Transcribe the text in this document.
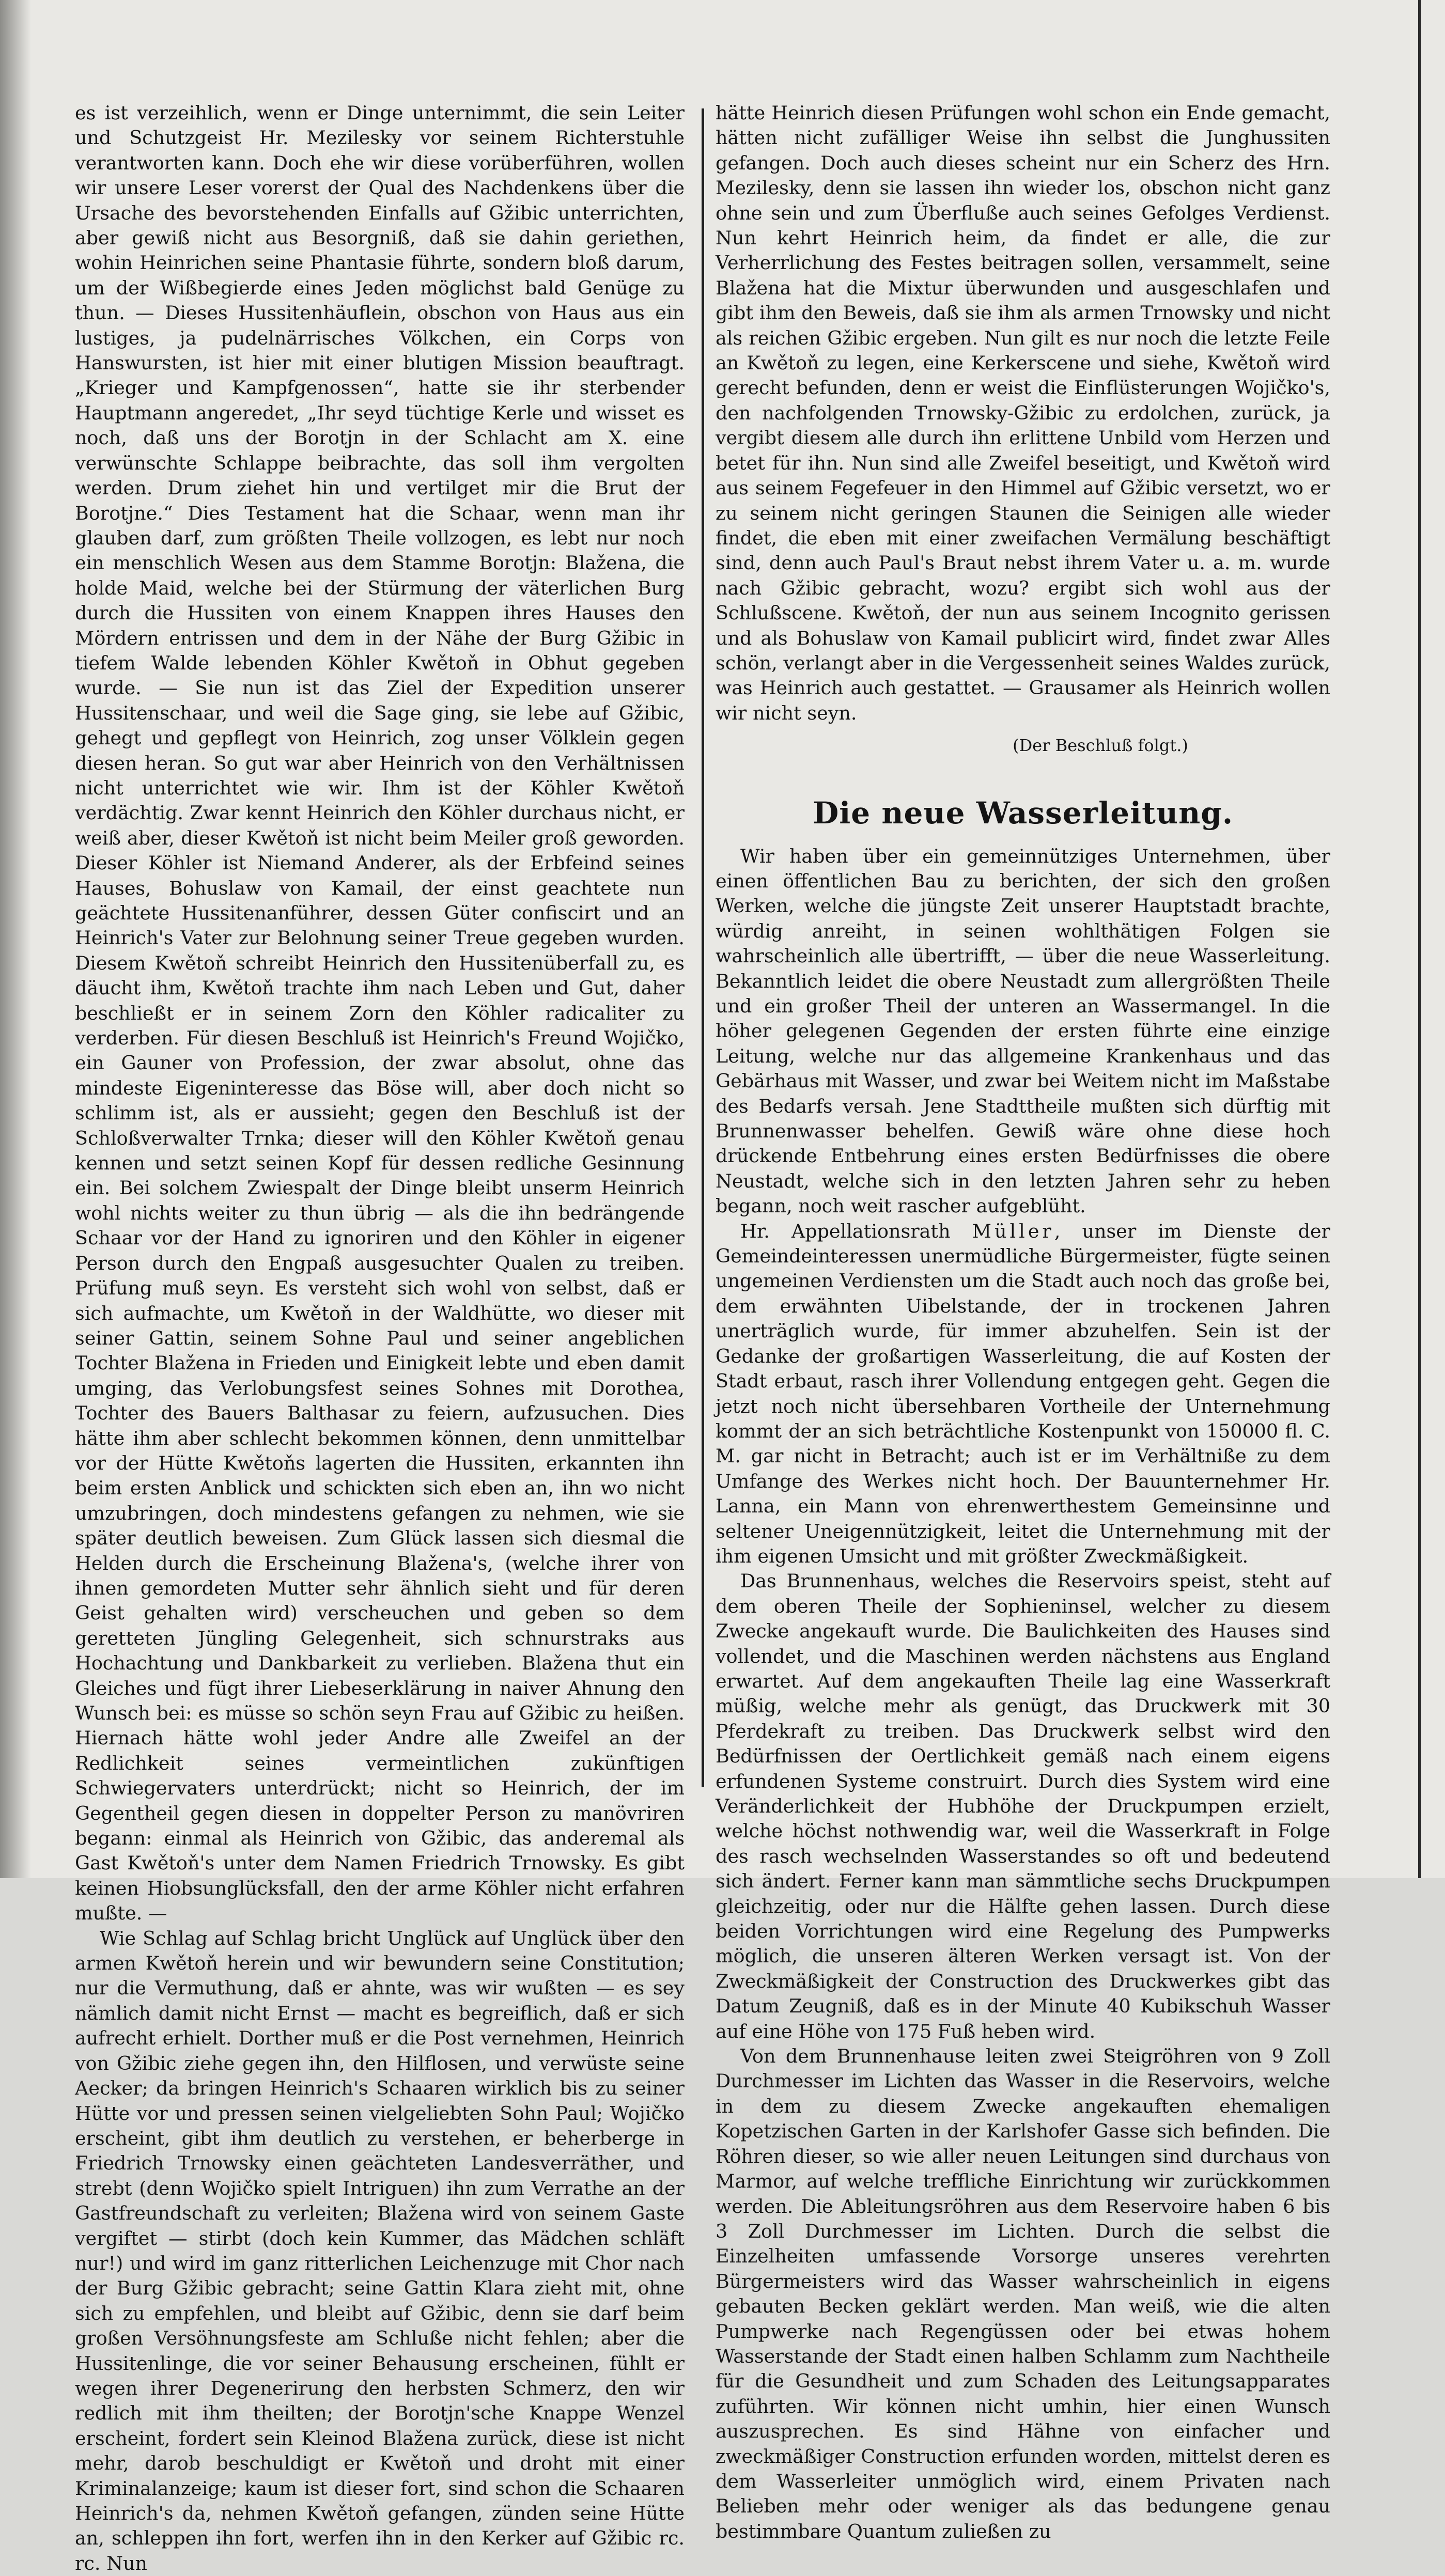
es ist verzeihlich, wenn er Dinge unternimmt, die sein Leiter und Schutzgeist Hr. Mezilesky vor seinem Richterstuhle verantworten kann. Doch ehe wir diese vorüberführen, wollen wir unsere Leser vorerst der Qual des Nachdenkens über die Ursache des bevorstehenden Einfalls auf Gžibic unterrichten, aber gewiß nicht aus Besorgniß, daß sie dahin geriethen, wohin Heinrichen seine Phantasie führte, sondern bloß darum, um der Wißbegierde eines Jeden möglichst bald Genüge zu thun. — Dieses Hussitenhäuflein, obschon von Haus aus ein lustiges, ja pudelnärrisches Völkchen, ein Corps von Hanswursten, ist hier mit einer blutigen Mission beauftragt. „Krieger und Kampfgenossen“, hatte sie ihr sterbender Hauptmann angeredet, „Ihr seyd tüchtige Kerle und wisset es noch, daß uns der Borotjn in der Schlacht am X. eine verwünschte Schlappe beibrachte, das soll ihm vergolten werden. Drum ziehet hin und vertilget mir die Brut der Borotjne.“ Dies Testament hat die Schaar, wenn man ihr glauben darf, zum größten Theile vollzogen, es lebt nur noch ein menschlich Wesen aus dem Stamme Borotjn: Blažena, die holde Maid, welche bei der Stürmung der väterlichen Burg durch die Hussiten von einem Knappen ihres Hauses den Mördern entrissen und dem in der Nähe der Burg Gžibic in tiefem Walde lebenden Köhler Kwětoň in Obhut gegeben wurde. — Sie nun ist das Ziel der Expedition unserer Hussitenschaar, und weil die Sage ging, sie lebe auf Gžibic, gehegt und gepflegt von Heinrich, zog unser Völklein gegen diesen heran. So gut war aber Heinrich von den Verhältnissen nicht unterrichtet wie wir. Ihm ist der Köhler Kwětoň verdächtig. Zwar kennt Heinrich den Köhler durchaus nicht, er weiß aber, dieser Kwětoň ist nicht beim Meiler groß geworden. Dieser Köhler ist Niemand Anderer, als der Erbfeind seines Hauses, Bohuslaw von Kamail, der einst geachtete nun geächtete Hussitenanführer, dessen Güter confiscirt und an Heinrich's Vater zur Belohnung seiner Treue gegeben wurden. Diesem Kwětoň schreibt Heinrich den Hussitenüberfall zu, es däucht ihm, Kwětoň trachte ihm nach Leben und Gut, daher beschließt er in seinem Zorn den Köhler radicaliter zu verderben. Für diesen Beschluß ist Heinrich's Freund Wojičko, ein Gauner von Profession, der zwar absolut, ohne das mindeste Eigeninteresse das Böse will, aber doch nicht so schlimm ist, als er aussieht; gegen den Beschluß ist der Schloßverwalter Trnka; dieser will den Köhler Kwětoň genau kennen und setzt seinen Kopf für dessen redliche Gesinnung ein. Bei solchem Zwiespalt der Dinge bleibt unserm Heinrich wohl nichts weiter zu thun übrig — als die ihn bedrängende Schaar vor der Hand zu ignoriren und den Köhler in eigener Person durch den Engpaß ausgesuchter Qualen zu treiben. Prüfung muß seyn. Es versteht sich wohl von selbst, daß er sich aufmachte, um Kwětoň in der Waldhütte, wo dieser mit seiner Gattin, seinem Sohne Paul und seiner angeblichen Tochter Blažena in Frieden und Einigkeit lebte und eben damit umging, das Verlobungsfest seines Sohnes mit Dorothea, Tochter des Bauers Balthasar zu feiern, aufzusuchen. Dies hätte ihm aber schlecht bekommen können, denn unmittelbar vor der Hütte Kwětoňs lagerten die Hussiten, erkannten ihn beim ersten Anblick und schickten sich eben an, ihn wo nicht umzubringen, doch mindestens gefangen zu nehmen, wie sie später deutlich beweisen. Zum Glück lassen sich diesmal die Helden durch die Erscheinung Blažena's, (welche ihrer von ihnen gemordeten Mutter sehr ähnlich sieht und für deren Geist gehalten wird) verscheuchen und geben so dem geretteten Jüngling Gelegenheit, sich schnurstraks aus Hochachtung und Dankbarkeit zu verlieben. Blažena thut ein Gleiches und fügt ihrer Liebeserklärung in naiver Ahnung den Wunsch bei: es müsse so schön seyn Frau auf Gžibic zu heißen. Hiernach hätte wohl jeder Andre alle Zweifel an der Redlichkeit seines vermeintlichen zukünftigen Schwiegervaters unterdrückt; nicht so Heinrich, der im Gegentheil gegen diesen in doppelter Person zu manövriren begann: einmal als Heinrich von Gžibic, das anderemal als Gast Kwětoň's unter dem Namen Friedrich Trnowsky. Es gibt keinen Hiobsunglücksfall, den der arme Köhler nicht erfahren mußte. —

Wie Schlag auf Schlag bricht Unglück auf Unglück über den armen Kwětoň herein und wir bewundern seine Constitution; nur die Vermuthung, daß er ahnte, was wir wußten — es sey nämlich damit nicht Ernst — macht es begreiflich, daß er sich aufrecht erhielt. Dorther muß er die Post vernehmen, Heinrich von Gžibic ziehe gegen ihn, den Hilflosen, und verwüste seine Aecker; da bringen Heinrich's Schaaren wirklich bis zu seiner Hütte vor und pressen seinen vielgeliebten Sohn Paul; Wojičko erscheint, gibt ihm deutlich zu verstehen, er beherberge in Friedrich Trnowsky einen geächteten Landesverräther, und strebt (denn Wojičko spielt Intriguen) ihn zum Verrathe an der Gastfreundschaft zu verleiten; Blažena wird von seinem Gaste vergiftet — stirbt (doch kein Kummer, das Mädchen schläft nur!) und wird im ganz ritterlichen Leichenzuge mit Chor nach der Burg Gžibic gebracht; seine Gattin Klara zieht mit, ohne sich zu empfehlen, und bleibt auf Gžibic, denn sie darf beim großen Versöhnungsfeste am Schluße nicht fehlen; aber die Hussitenlinge, die vor seiner Behausung erscheinen, fühlt er wegen ihrer Degenerirung den herbsten Schmerz, den wir redlich mit ihm theilten; der Borotjn'sche Knappe Wenzel erscheint, fordert sein Kleinod Blažena zurück, diese ist nicht mehr, darob beschuldigt er Kwětoň und droht mit einer Kriminalanzeige; kaum ist dieser fort, sind schon die Schaaren Heinrich's da, nehmen Kwětoň gefangen, zünden seine Hütte an, schleppen ihn fort, werfen ihn in den Kerker auf Gžibic rc. rc. Nun

hätte Heinrich diesen Prüfungen wohl schon ein Ende gemacht, hätten nicht zufälliger Weise ihn selbst die Junghussiten gefangen. Doch auch dieses scheint nur ein Scherz des Hrn. Mezilesky, denn sie lassen ihn wieder los, obschon nicht ganz ohne sein und zum Überfluße auch seines Gefolges Verdienst. Nun kehrt Heinrich heim, da findet er alle, die zur Verherrlichung des Festes beitragen sollen, versammelt, seine Blažena hat die Mixtur überwunden und ausgeschlafen und gibt ihm den Beweis, daß sie ihm als armen Trnowsky und nicht als reichen Gžibic ergeben. Nun gilt es nur noch die letzte Feile an Kwětoň zu legen, eine Kerkerscene und siehe, Kwětoň wird gerecht befunden, denn er weist die Einflüsterungen Wojičko's, den nachfolgenden Trnowsky-Gžibic zu erdolchen, zurück, ja vergibt diesem alle durch ihn erlittene Unbild vom Herzen und betet für ihn. Nun sind alle Zweifel beseitigt, und Kwětoň wird aus seinem Fegefeuer in den Himmel auf Gžibic versetzt, wo er zu seinem nicht geringen Staunen die Seinigen alle wieder findet, die eben mit einer zweifachen Vermälung beschäftigt sind, denn auch Paul's Braut nebst ihrem Vater u. a. m. wurde nach Gžibic gebracht, wozu? ergibt sich wohl aus der Schlußscene. Kwětoň, der nun aus seinem Incognito gerissen und als Bohuslaw von Kamail publicirt wird, findet zwar Alles schön, verlangt aber in die Vergessenheit seines Waldes zurück, was Heinrich auch gestattet. — Grausamer als Heinrich wollen wir nicht seyn.

(Der Beschluß folgt.)

Die neue Wasserleitung.

Wir haben über ein gemeinnütziges Unternehmen, über einen öffentlichen Bau zu berichten, der sich den großen Werken, welche die jüngste Zeit unserer Hauptstadt brachte, würdig anreiht, in seinen wohlthätigen Folgen sie wahrscheinlich alle übertrifft, — über die neue Wasserleitung. Bekanntlich leidet die obere Neustadt zum allergrößten Theile und ein großer Theil der unteren an Wassermangel. In die höher gelegenen Gegenden der ersten führte eine einzige Leitung, welche nur das allgemeine Krankenhaus und das Gebärhaus mit Wasser, und zwar bei Weitem nicht im Maßstabe des Bedarfs versah. Jene Stadttheile mußten sich dürftig mit Brunnenwasser behelfen. Gewiß wäre ohne diese hoch drückende Entbehrung eines ersten Bedürfnisses die obere Neustadt, welche sich in den letzten Jahren sehr zu heben begann, noch weit rascher aufgeblüht.

Hr. Appellationsrath Müller, unser im Dienste der Gemeindeinteressen unermüdliche Bürgermeister, fügte seinen ungemeinen Verdiensten um die Stadt auch noch das große bei, dem erwähnten Uibelstande, der in trockenen Jahren unerträglich wurde, für immer abzuhelfen. Sein ist der Gedanke der großartigen Wasserleitung, die auf Kosten der Stadt erbaut, rasch ihrer Vollendung entgegen geht. Gegen die jetzt noch nicht übersehbaren Vortheile der Unternehmung kommt der an sich beträchtliche Kostenpunkt von 150000 fl. C. M. gar nicht in Betracht; auch ist er im Verhältniße zu dem Umfange des Werkes nicht hoch. Der Bauunternehmer Hr. Lanna, ein Mann von ehrenwerthestem Gemeinsinne und seltener Uneigennützigkeit, leitet die Unternehmung mit der ihm eigenen Umsicht und mit größter Zweckmäßigkeit.

Das Brunnenhaus, welches die Reservoirs speist, steht auf dem oberen Theile der Sophieninsel, welcher zu diesem Zwecke angekauft wurde. Die Baulichkeiten des Hauses sind vollendet, und die Maschinen werden nächstens aus England erwartet. Auf dem angekauften Theile lag eine Wasserkraft müßig, welche mehr als genügt, das Druckwerk mit 30 Pferdekraft zu treiben. Das Druckwerk selbst wird den Bedürfnissen der Oertlichkeit gemäß nach einem eigens erfundenen Systeme construirt. Durch dies System wird eine Veränderlichkeit der Hubhöhe der Druckpumpen erzielt, welche höchst nothwendig war, weil die Wasserkraft in Folge des rasch wechselnden Wasserstandes so oft und bedeutend sich ändert. Ferner kann man sämmtliche sechs Druckpumpen gleichzeitig, oder nur die Hälfte gehen lassen. Durch diese beiden Vorrichtungen wird eine Regelung des Pumpwerks möglich, die unseren älteren Werken versagt ist. Von der Zweckmäßigkeit der Construction des Druckwerkes gibt das Datum Zeugniß, daß es in der Minute 40 Kubikschuh Wasser auf eine Höhe von 175 Fuß heben wird.

Von dem Brunnenhause leiten zwei Steigröhren von 9 Zoll Durchmesser im Lichten das Wasser in die Reservoirs, welche in dem zu diesem Zwecke angekauften ehemaligen Kopetzischen Garten in der Karlshofer Gasse sich befinden. Die Röhren dieser, so wie aller neuen Leitungen sind durchaus von Marmor, auf welche treffliche Einrichtung wir zurückkommen werden. Die Ableitungsröhren aus dem Reservoire haben 6 bis 3 Zoll Durchmesser im Lichten. Durch die selbst die Einzelheiten umfassende Vorsorge unseres verehrten Bürgermeisters wird das Wasser wahrscheinlich in eigens gebauten Becken geklärt werden. Man weiß, wie die alten Pumpwerke nach Regengüssen oder bei etwas hohem Wasserstande der Stadt einen halben Schlamm zum Nachtheile für die Gesundheit und zum Schaden des Leitungsapparates zuführten. Wir können nicht umhin, hier einen Wunsch auszusprechen. Es sind Hähne von einfacher und zweckmäßiger Construction erfunden worden, mittelst deren es dem Wasserleiter unmöglich wird, einem Privaten nach Belieben mehr oder weniger als das bedungene genau bestimmbare Quantum zuließen zu
